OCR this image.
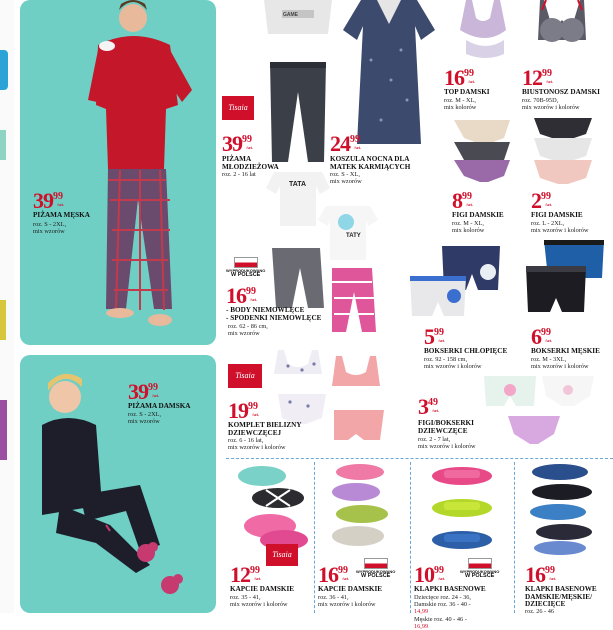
$39^{99}$
/szt.
PIŻAMA MĘSKA
roz. S - 2XL,
mix wzorów
$39^{99}$
/szt.
PIŻAMA DAMSKA
roz. S - 2XL,
mix wzorów
GAME
Tisaia
$39^{99}$
/szt.
PIŻAMA
MŁODZIEŻOWA
roz. 2 - 16 lat
$24^{99}$
/szt.
KOSZULA NOCNA DLA
MATEK KARMIĄCYCH
roz. S - XL,
mix wzorów
$16^{99}$
/szt.
TOP DAMSKI
roz. M - XL,
mix kolorów
$12^{99}$
/szt.
BIUSTONOSZ DAMSKI
roz. 70B-95D,
mix wzorów i kolorów
$8^{99}$
/szt.
FIGI DAMSKIE
roz. M - XL,
mix kolorów
$2^{99}$
/szt.
FIGI DAMSKIE
roz. L - 2XL,
mix wzorów i kolorów
TATA
TATY
WYPRODUKOWANO
W POLSCE
$16^{99}$
/szt.
- BODY NIEMOWLĘCE
- SPODENKI NIEMOWLĘCE
roz. 62 - 86 cm,
mix wzorów	$5^{99}$
/szt.
BOKSERKI CHŁOPIĘCE
roz. 92 - 158 cm,
mix wzorów i kolorów
$6^{99}$
/szt.
BOKSERKI MĘSKIE
roz. M - 3XL,
mix wzorów i kolorów
Tisaia
$19^{99}$
/szt.
KOMPLET BIELIZNY
DZIEWCZĘCEJ
roz. 6 - 16 lat,
mix wzorów i kolorów
$3^{49}$
/szt.
FIGI/BOKSERKI
DZIEWCZĘCE
roz. 2 - 7 lat,
mix wzorów i kolorów
Tisaia
$12^{99}$
/szt.
KAPCIE DAMSKIE
roz. 35 - 41,
mix wzorów i kolorów
WYPRODUKOWANO
W POLSCE
$16^{99}$
/szt.
KAPCIE DAMSKIE
roz. 36 - 41,
mix wzorów i kolorów
WYPRODUKOWANO
W POLSCE
$10^{99}$
/szt.
KLAPKI BASENOWE
Dziecięce roz. 24 - 36,
Damskie roz. 36 - 40 -
14,99
Męskie roz. 40 - 46 -
16,99
$16^{99}$
/szt.
KLAPKI BASENOWE
DAMSKIE/MĘSKIE/
DZIECIĘCE
roz. 26 - 46
